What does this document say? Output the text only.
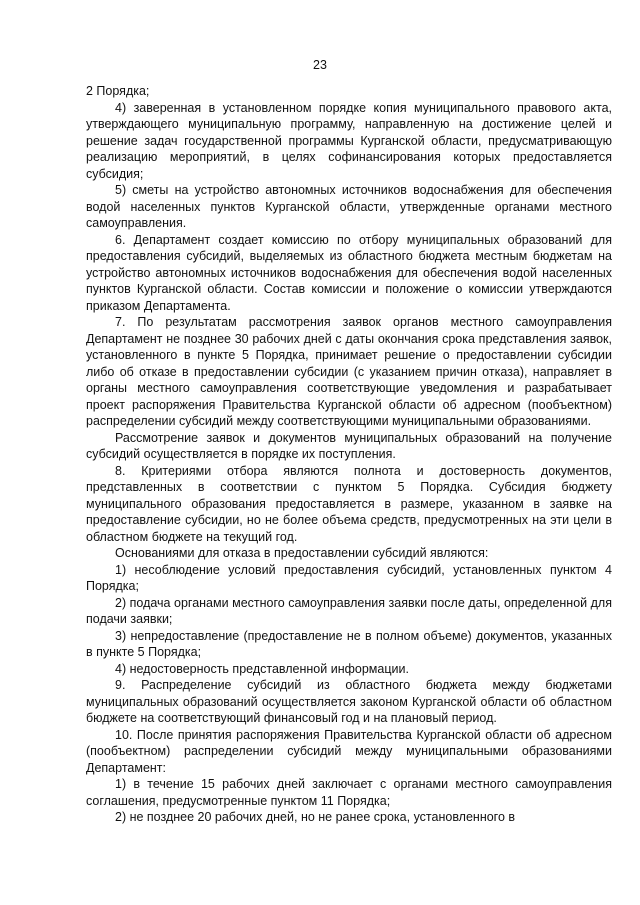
23

2 Порядка;

4) заверенная в установленном порядке копия муниципального правового акта, утверждающего муниципальную программу, направленную на достижение целей и решение задач государственной программы Курганской области, предусматривающую реализацию мероприятий, в целях софинансирования которых предоставляется субсидия;

5) сметы на устройство автономных источников водоснабжения для обеспечения водой населенных пунктов Курганской области, утвержденные органами местного самоуправления.

6. Департамент создает комиссию по отбору муниципальных образований для предоставления субсидий, выделяемых из областного бюджета местным бюджетам на устройство автономных источников водоснабжения для обеспечения водой населенных пунктов Курганской области. Состав комиссии и положение о комиссии утверждаются приказом Департамента.

7. По результатам рассмотрения заявок органов местного самоуправления Департамент не позднее 30 рабочих дней с даты окончания срока представления заявок, установленного в пункте 5 Порядка, принимает решение о предоставлении субсидии либо об отказе в предоставлении субсидии (с указанием причин отказа), направляет в органы местного самоуправления соответствующие уведомления и разрабатывает проект распоряжения Правительства Курганской области об адресном (пообъектном) распределении субсидий между соответствующими муниципальными образованиями.

Рассмотрение заявок и документов муниципальных образований на получение субсидий осуществляется в порядке их поступления.

8. Критериями отбора являются полнота и достоверность документов, представленных в соответствии с пунктом 5 Порядка. Субсидия бюджету муниципального образования предоставляется в размере, указанном в заявке на предоставление субсидии, но не более объема средств, предусмотренных на эти цели в областном бюджете на текущий год.

Основаниями для отказа в предоставлении субсидий являются:

1) несоблюдение условий предоставления субсидий, установленных пунктом 4 Порядка;

2) подача органами местного самоуправления заявки после даты, определенной для подачи заявки;

3) непредоставление (предоставление не в полном объеме) документов, указанных в пункте 5 Порядка;

4) недостоверность представленной информации.

9. Распределение субсидий из областного бюджета между бюджетами муниципальных образований осуществляется законом Курганской области об областном бюджете на соответствующий финансовый год и на плановый период.

10. После принятия распоряжения Правительства Курганской области об адресном (пообъектном) распределении субсидий между муниципальными образованиями Департамент:

1) в течение 15 рабочих дней заключает с органами местного самоуправления соглашения, предусмотренные пунктом 11 Порядка;

2) не позднее 20 рабочих дней, но не ранее срока, установленного в
